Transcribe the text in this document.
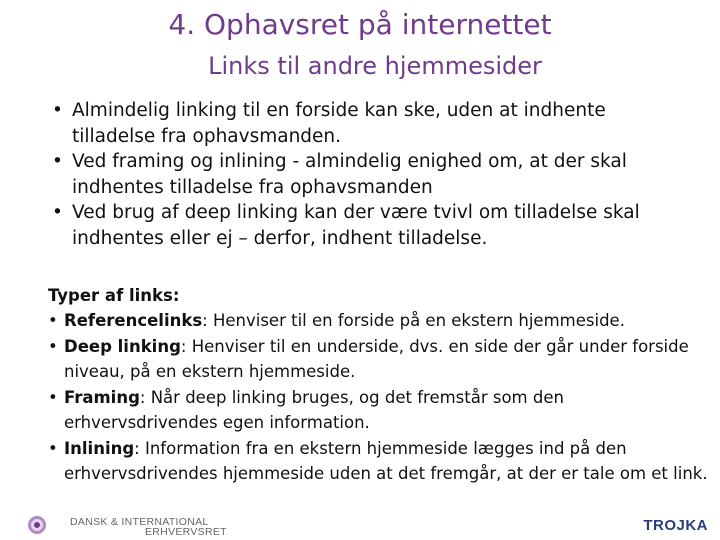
4. Ophavsret på internettet
Links til andre hjemmesider
• Almindelig linking til en forside kan ske, uden at indhente tilladelse fra ophavsmanden.
• Ved framing og inlining - almindelig enighed om, at der skal indhentes tilladelse fra ophavsmanden
• Ved brug af deep linking kan der være tvivl om tilladelse skal indhentes eller ej – derfor, indhent tilladelse.
Typer af links:
• Referencelinks: Henviser til en forside på en ekstern hjemmeside.
• Deep linking: Henviser til en underside, dvs. en side der går under forside niveau, på en ekstern hjemmeside.
• Framing: Når deep linking bruges, og det fremstår som den erhvervsdrivendes egen information.
• Inlining: Information fra en ekstern hjemmeside lægges ind på den erhvervsdrivendes hjemmeside uden at det fremgår, at der er tale om et link.
DANSK & INTERNATIONAL
ERHVERVSRET	TROJKA
